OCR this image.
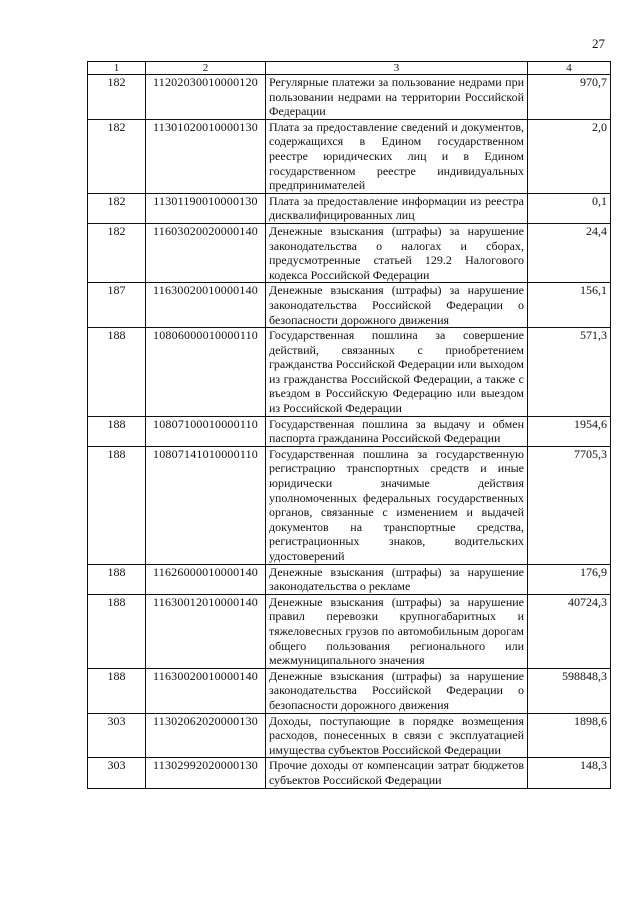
27
1	2	3	4
182	11202030010000120	Регулярные платежи за пользование недрами при пользовании недрами на территории Российской Федерации	970,7
182	11301020010000130	Плата за предоставление сведений и документов, содержащихся в Едином государственном реестре юридических лиц и в Едином государственном реестре индивидуальных предпринимателей	2,0
182	11301190010000130	Плата за предоставление информации из реестра дисквалифицированных лиц	0,1
182	11603020020000140	Денежные взыскания (штрафы) за нарушение законодательства о налогах и сборах, предусмотренные статьей 129.2 Налогового кодекса Российской Федерации	24,4
187	11630020010000140	Денежные взыскания (штрафы) за нарушение законодательства Российской Федерации о безопасности дорожного движения	156,1
188	10806000010000110	Государственная пошлина за совершение действий, связанных с приобретением гражданства Российской Федерации или выходом из гражданства Российской Федерации, а также с въездом в Российскую Федерацию или выездом из Российской Федерации	571,3
188	10807100010000110	Государственная пошлина за выдачу и обмен паспорта гражданина Российской Федерации	1954,6
188	10807141010000110	Государственная пошлина за государственную регистрацию транспортных средств и иные юридически значимые действия уполномоченных федеральных государственных органов, связанные с изменением и выдачей документов на транспортные средства, регистрационных знаков, водительских удостоверений	7705,3
188	11626000010000140	Денежные взыскания (штрафы) за нарушение законодательства о рекламе	176,9
188	11630012010000140	Денежные взыскания (штрафы) за нарушение правил перевозки крупногабаритных и тяжеловесных грузов по автомобильным дорогам общего пользования регионального или межмуниципального значения	40724,3
188	11630020010000140	Денежные взыскания (штрафы) за нарушение законодательства Российской Федерации о безопасности дорожного движения	598848,3
303	11302062020000130	Доходы, поступающие в порядке возмещения расходов, понесенных в связи с эксплуатацией имущества субъектов Российской Федерации	1898,6
303	11302992020000130	Прочие доходы от компенсации затрат бюджетов субъектов Российской Федерации	148,3
